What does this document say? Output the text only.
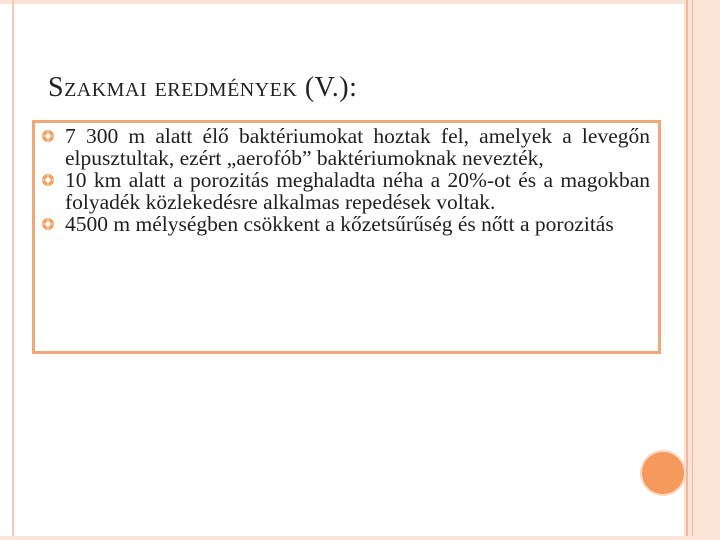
Szakmai eredmények (V.):
7 300 m alatt élő baktériumokat hoztak fel, amelyek a levegőn elpusztultak, ezért „aerofób” baktériumoknak nevezték,
10 km alatt a porozitás meghaladta néha a 20%-ot és a magokban folyadék közlekedésre alkalmas repedések voltak.
4500 m mélységben csökkent a kőzetsűrűség és nőtt a porozitás
